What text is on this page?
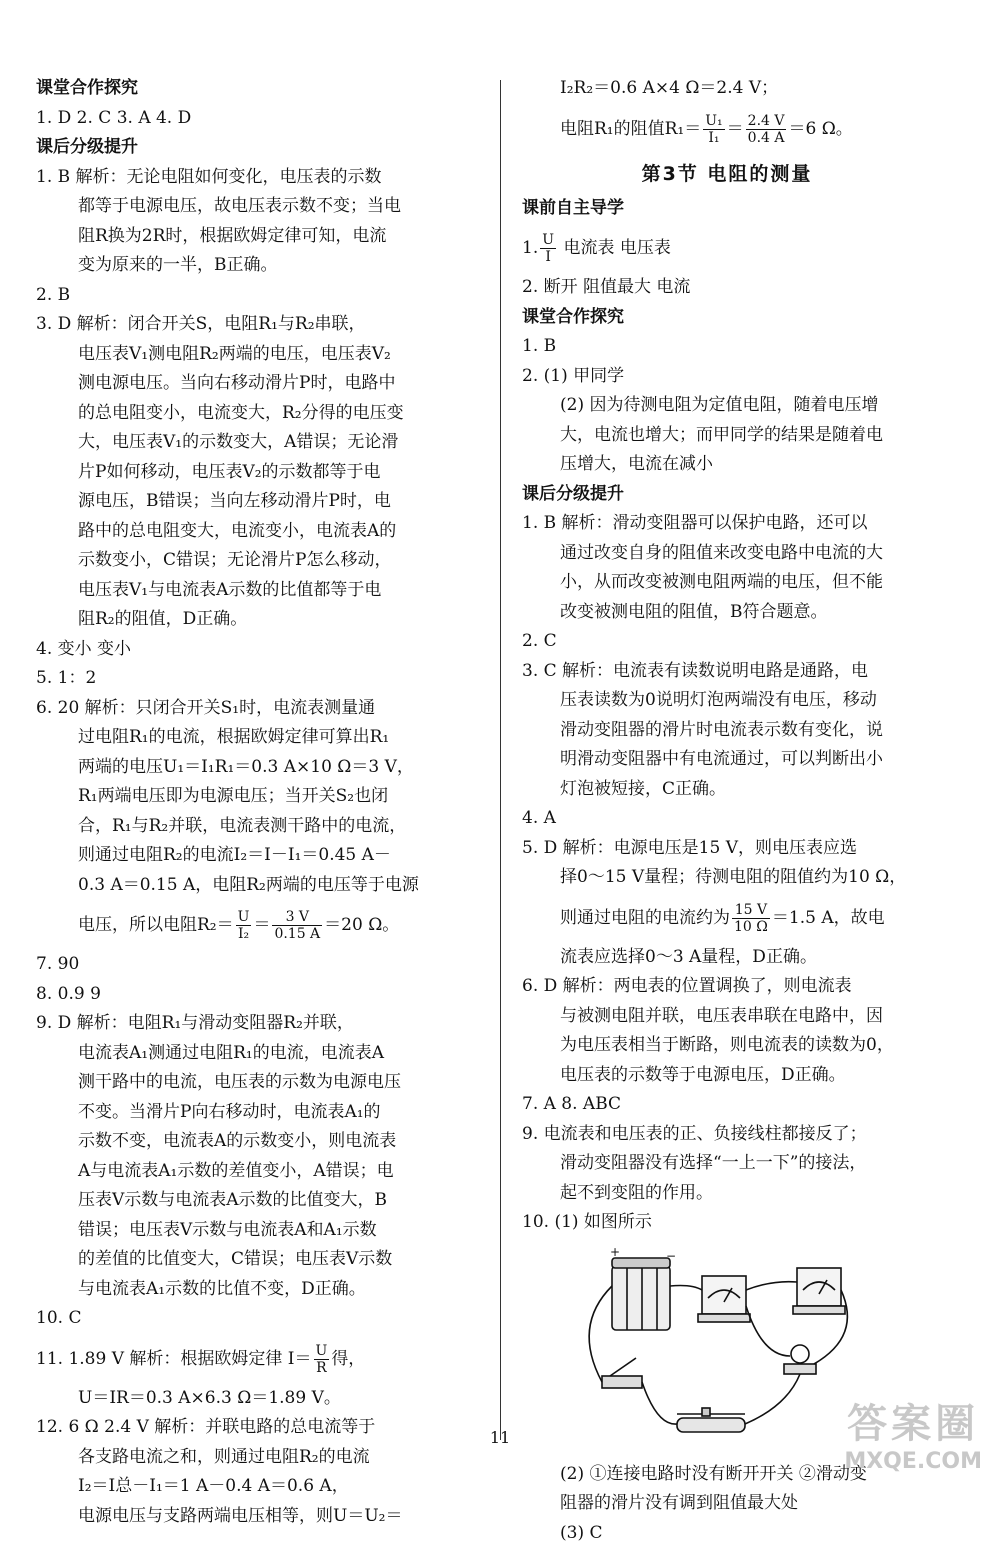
课堂合作探究
1. D 2. C 3. A 4. D
课后分级提升
1. B 解析：无论电阻如何变化，电压表的示数
都等于电源电压，故电压表示数不变；当电
阻R换为2R时，根据欧姆定律可知，电流
变为原来的一半，B正确。
2. B
3. D 解析：闭合开关S，电阻R₁与R₂串联，
电压表V₁测电阻R₂两端的电压，电压表V₂
测电源电压。当向右移动滑片P时，电路中
的总电阻变小，电流变大，R₂分得的电压变
大，电压表V₁的示数变大，A错误；无论滑
片P如何移动，电压表V₂的示数都等于电
源电压，B错误；当向左移动滑片P时，电
路中的总电阻变大，电流变小，电流表A的
示数变小，C错误；无论滑片P怎么移动，
电压表V₁与电流表A示数的比值都等于电
阻R₂的阻值，D正确。
4. 变小 变小
5. 1：2
6. 20 解析：只闭合开关S₁时，电流表测量通
过电阻R₁的电流，根据欧姆定律可算出R₁
两端的电压U₁＝I₁R₁＝0.3 A×10 Ω＝3 V，
R₁两端电压即为电源电压；当开关S₂也闭
合，R₁与R₂并联，电流表测干路中的电流，
则通过电阻R₂的电流I₂＝I－I₁＝0.45 A－
0.3 A＝0.15 A，电阻R₂两端的电压等于电源
电压，所以电阻$R_2= \frac{U}{\text{I₂}} = \frac{3 V}{0.15 A} =20$ Ω。
7. 90
8. 0.9 9
9. D 解析：电阻R₁与滑动变阻器R₂并联，
电流表A₁测通过电阻R₁的电流，电流表A
测干路中的电流，电压表的示数为电源电压
不变。当滑片P向右移动时，电流表A₁的
示数不变，电流表A的示数变小，则电流表
A与电流表A₁示数的差值变小，A错误；电
压表V示数与电流表A示数的比值变大，B
错误；电压表V示数与电流表A和A₁示数
的差值的比值变大，C错误；电压表V示数
与电流表A₁示数的比值不变，D正确。
10. C
11. 1.89 V 解析：根据欧姆定律 $I= \frac{U}{R}$ 得，
U＝IR＝0.3 A×6.3 Ω＝1.89 V。
12. 6 Ω 2.4 V 解析：并联电路的总电流等于
各支路电流之和，则通过电阻R₂的电流
I₂＝I总－I₁＝1 A－0.4 A＝0.6 A，
电源电压与支路两端电压相等，则U＝U₂＝
I₂R₂＝0.6 A×4 Ω＝2.4 V；
电阻R₁的阻值$R_1= \frac{\text{U₁}}{\text{I₁}} = \frac{2.4 V}{0.4 A} =6$ Ω。
第3节 电阻的测量
课前自主导学
1. $\frac{U}{I}$ 电流表 电压表
2. 断开 阻值最大 电流
课堂合作探究
1. B
2. (1) 甲同学
(2) 因为待测电阻为定值电阻，随着电压增
大，电流也增大；而甲同学的结果是随着电
压增大，电流在减小
课后分级提升
1. B 解析：滑动变阻器可以保护电路，还可以
通过改变自身的阻值来改变电路中电流的大
小，从而改变被测电阻两端的电压，但不能
改变被测电阻的阻值，B符合题意。
2. C
3. C 解析：电流表有读数说明电路是通路，电
压表读数为0说明灯泡两端没有电压，移动
滑动变阻器的滑片时电流表示数有变化，说
明滑动变阻器中有电流通过，可以判断出小
灯泡被短接，C正确。
4. A
5. D 解析：电源电压是15 V，则电压表应选
择0～15 V量程；待测电阻的阻值约为10 Ω，
则通过电阻的电流约为 $\frac{15 V}{10 \Omega} =1.5$ A，故电
流表应选择0～3 A量程，D正确。
6. D 解析：两电表的位置调换了，则电流表
与被测电阻并联，电压表串联在电路中，因
为电压表相当于断路，则电流表的读数为0，
电压表的示数等于电源电压，D正确。
7. A 8. ABC
9. 电流表和电压表的正、负接线柱都接反了；
滑动变阻器没有选择“一上一下”的接法，
起不到变阻的作用。
10. (1) 如图所示
+	−
(2) ①连接电路时没有断开开关 ②滑动变
阻器的滑片没有调到阻值最大处
(3) C
11	答案圈
MXQE.COM
